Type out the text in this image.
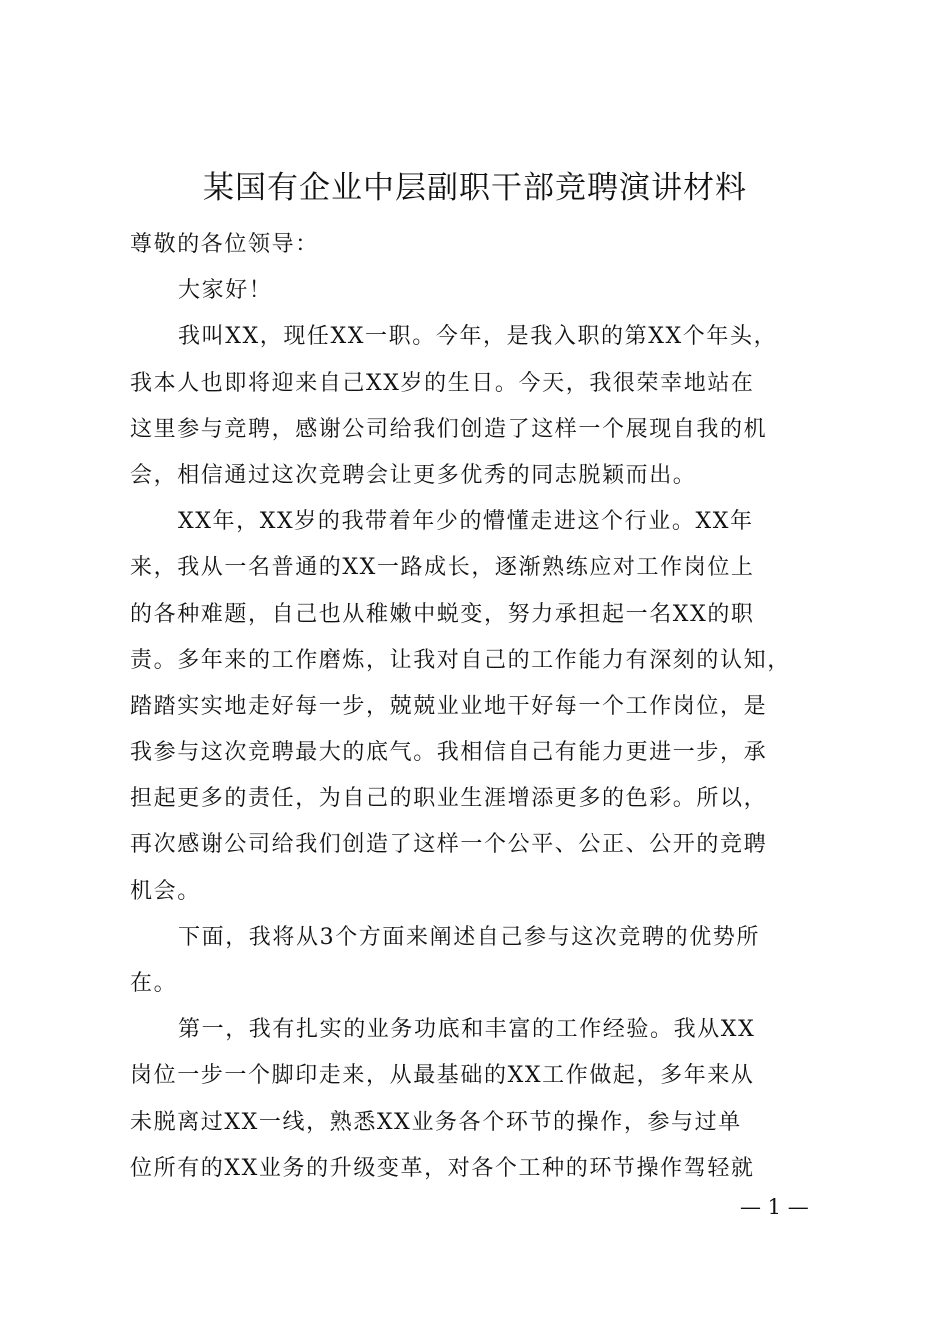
某国有企业中层副职干部竞聘演讲材料
尊敬的各位领导：
大家好！
我叫XX，现任XX一职。今年，是我入职的第XX个年头，
我本人也即将迎来自己XX岁的生日。今天，我很荣幸地站在
这里参与竞聘，感谢公司给我们创造了这样一个展现自我的机
会，相信通过这次竞聘会让更多优秀的同志脱颖而出。
XX年，XX岁的我带着年少的懵懂走进这个行业。XX年
来，我从一名普通的XX一路成长，逐渐熟练应对工作岗位上
的各种难题，自己也从稚嫩中蜕变，努力承担起一名XX的职
责。多年来的工作磨炼，让我对自己的工作能力有深刻的认知，
踏踏实实地走好每一步，兢兢业业地干好每一个工作岗位，是
我参与这次竞聘最大的底气。我相信自己有能力更进一步，承
担起更多的责任，为自己的职业生涯增添更多的色彩。所以，
再次感谢公司给我们创造了这样一个公平、公正、公开的竞聘
机会。
下面，我将从3个方面来阐述自己参与这次竞聘的优势所
在。
第一，我有扎实的业务功底和丰富的工作经验。我从XX
岗位一步一个脚印走来，从最基础的XX工作做起，多年来从
未脱离过XX一线，熟悉XX业务各个环节的操作，参与过单
位所有的XX业务的升级变革，对各个工种的环节操作驾轻就
— 1 —
